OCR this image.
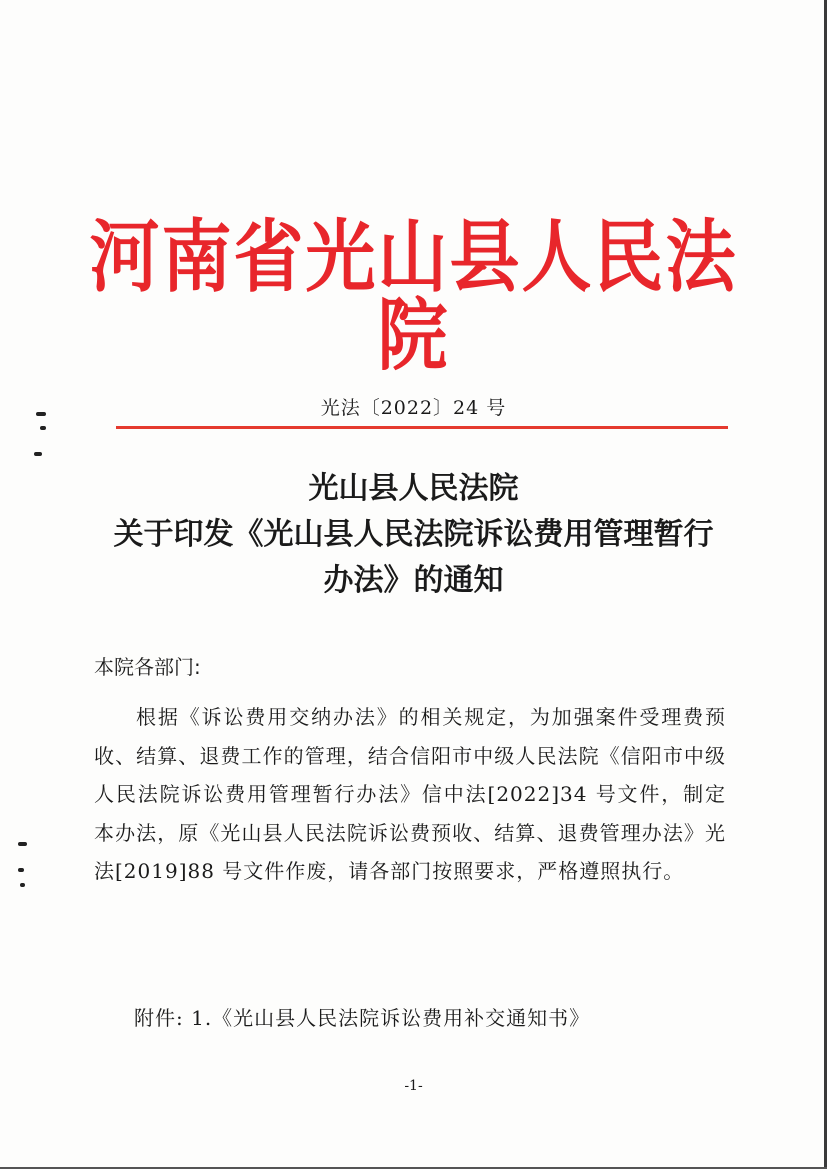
河南省光山县人民法院
光法〔2022〕24 号
光山县人民法院
关于印发《光山县人民法院诉讼费用管理暂行
办法》的通知
本院各部门:
根据《诉讼费用交纳办法》的相关规定，为加强案件受理费预收、结算、退费工作的管理，结合信阳市中级人民法院《信阳市中级人民法院诉讼费用管理暂行办法》信中法[2022]34 号文件，制定本办法，原《光山县人民法院诉讼费预收、结算、退费管理办法》光法[2019]88 号文件作废，请各部门按照要求，严格遵照执行。
附件: 1.《光山县人民法院诉讼费用补交通知书》
-1-
